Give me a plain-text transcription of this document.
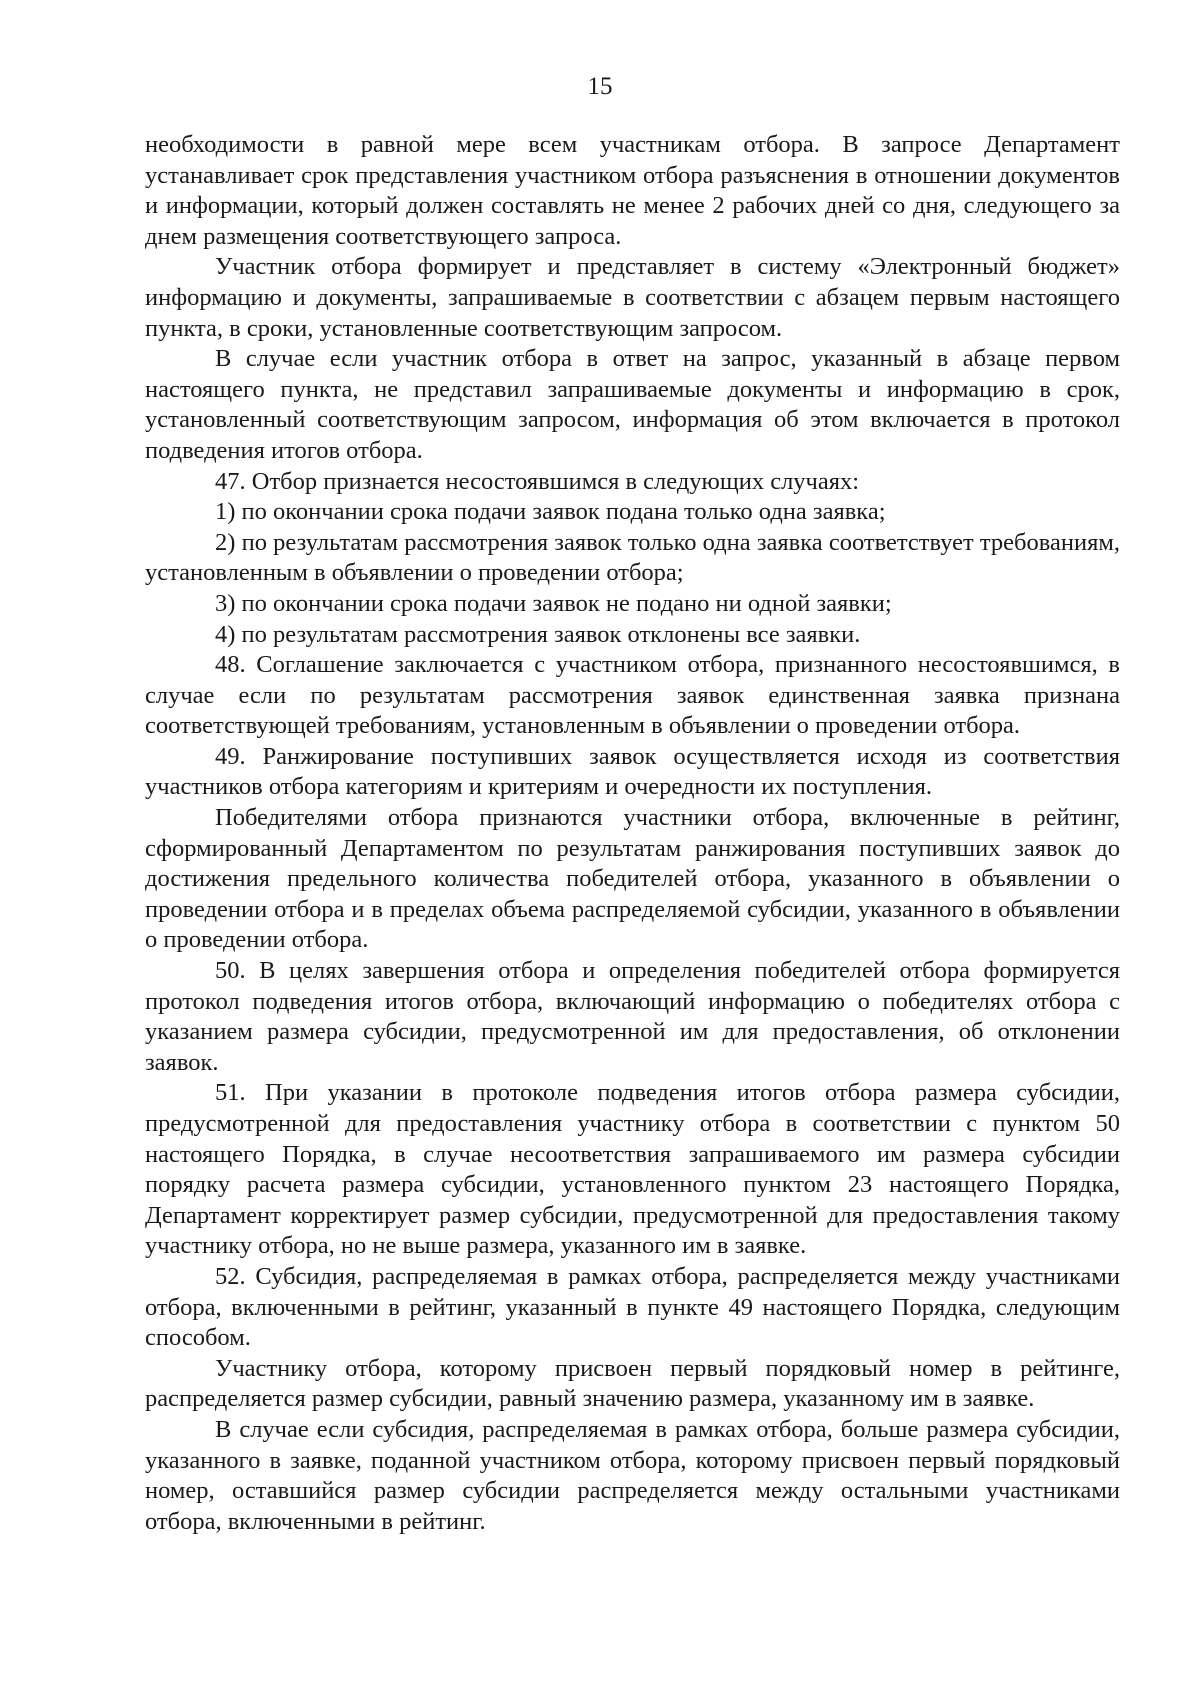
15

необходимости в равной мере всем участникам отбора. В запросе Департамент устанавливает срок представления участником отбора разъяснения в отношении документов и информации, который должен составлять не менее 2 рабочих дней со дня, следующего за днем размещения соответствующего запроса.

Участник отбора формирует и представляет в систему «Электронный бюджет» информацию и документы, запрашиваемые в соответствии с абзацем первым настоящего пункта, в сроки, установленные соответствующим запросом.

В случае если участник отбора в ответ на запрос, указанный в абзаце первом настоящего пункта, не представил запрашиваемые документы и информацию в срок, установленный соответствующим запросом, информация об этом включается в протокол подведения итогов отбора.

47. Отбор признается несостоявшимся в следующих случаях:

1) по окончании срока подачи заявок подана только одна заявка;

2) по результатам рассмотрения заявок только одна заявка соответствует требованиям, установленным в объявлении о проведении отбора;

3) по окончании срока подачи заявок не подано ни одной заявки;

4) по результатам рассмотрения заявок отклонены все заявки.

48. Соглашение заключается с участником отбора, признанного несостоявшимся, в случае если по результатам рассмотрения заявок единственная заявка признана соответствующей требованиям, установленным в объявлении о проведении отбора.

49. Ранжирование поступивших заявок осуществляется исходя из соответствия участников отбора категориям и критериям и очередности их поступления.

Победителями отбора признаются участники отбора, включенные в рейтинг, сформированный Департаментом по результатам ранжирования поступивших заявок до достижения предельного количества победителей отбора, указанного в объявлении о проведении отбора и в пределах объема распределяемой субсидии, указанного в объявлении о проведении отбора.

50. В целях завершения отбора и определения победителей отбора формируется протокол подведения итогов отбора, включающий информацию о победителях отбора с указанием размера субсидии, предусмотренной им для предоставления, об отклонении заявок.

51. При указании в протоколе подведения итогов отбора размера субсидии, предусмотренной для предоставления участнику отбора в соответствии с пунктом 50 настоящего Порядка, в случае несоответствия запрашиваемого им размера субсидии порядку расчета размера субсидии, установленного пунктом 23 настоящего Порядка, Департамент корректирует размер субсидии, предусмотренной для предоставления такому участнику отбора, но не выше размера, указанного им в заявке.

52. Субсидия, распределяемая в рамках отбора, распределяется между участниками отбора, включенными в рейтинг, указанный в пункте 49 настоящего Порядка, следующим способом.

Участнику отбора, которому присвоен первый порядковый номер в рейтинге, распределяется размер субсидии, равный значению размера, указанному им в заявке.

В случае если субсидия, распределяемая в рамках отбора, больше размера субсидии, указанного в заявке, поданной участником отбора, которому присвоен первый порядковый номер, оставшийся размер субсидии распределяется между остальными участниками отбора, включенными в рейтинг.
